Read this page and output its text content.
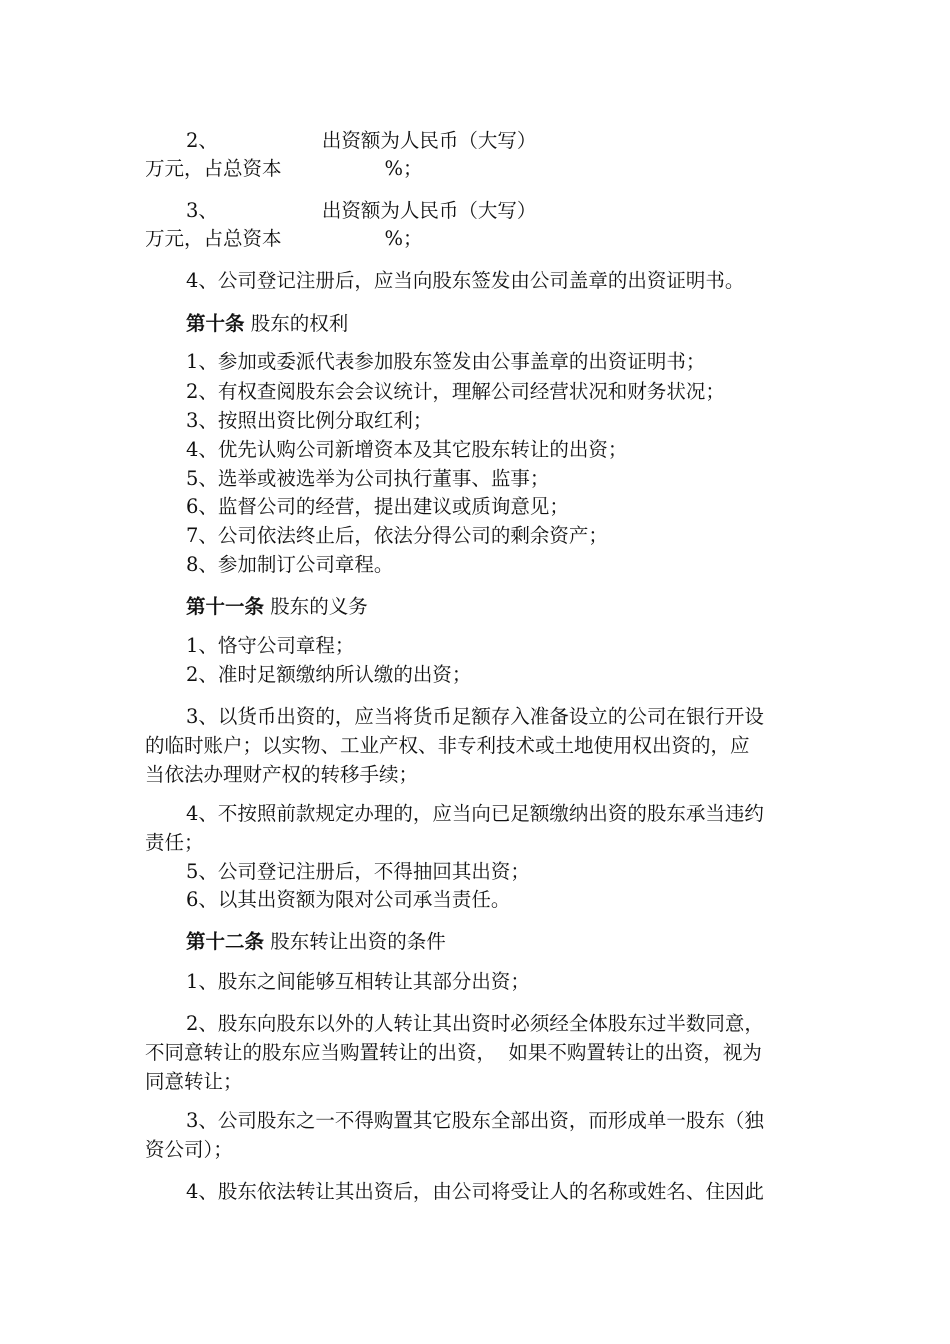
2、	出资额为人民币（大写）
万元，占总资本	%；
3、	出资额为人民币（大写）
万元，占总资本	%；
4、公司登记注册后，应当向股东签发由公司盖章的出资证明书。
第十条 股东的权利
1、参加或委派代表参加股东签发由公事盖章的出资证明书；
2、有权查阅股东会会议统计，理解公司经营状况和财务状况；
3、按照出资比例分取红利；
4、优先认购公司新增资本及其它股东转让的出资；
5、选举或被选举为公司执行董事、监事；
6、监督公司的经营，提出建议或质询意见；
7、公司依法终止后，依法分得公司的剩余资产；
8、参加制订公司章程。
第十一条 股东的义务
1、恪守公司章程；
2、准时足额缴纳所认缴的出资；
3、以货币出资的，应当将货币足额存入准备设立的公司在银行开设
的临时账户；以实物、工业产权、非专利技术或土地使用权出资的，应
当依法办理财产权的转移手续；
4、不按照前款规定办理的，应当向已足额缴纳出资的股东承当违约
责任；
5、公司登记注册后，不得抽回其出资；
6、以其出资额为限对公司承当责任。
第十二条 股东转让出资的条件
1、股东之间能够互相转让其部分出资；
2、股东向股东以外的人转让其出资时必须经全体股东过半数同意，
不同意转让的股东应当购置转让的出资，  如果不购置转让的出资，视为
同意转让；
3、公司股东之一不得购置其它股东全部出资，而形成单一股东（独
资公司）；
4、股东依法转让其出资后，由公司将受让人的名称或姓名、住因此
